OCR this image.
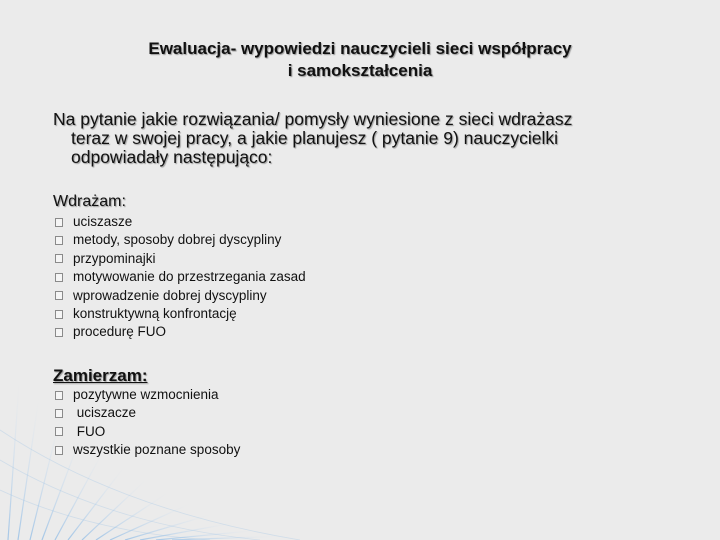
Ewaluacja- wypowiedzi nauczycieli sieci współpracy
i samokształcenia
Na pytanie jakie rozwiązania/ pomysły wyniesione z sieci wdrażasz
teraz w swojej pracy, a jakie planujesz ( pytanie 9) nauczycielki
odpowiadały następująco:
Wdrażam:
uciszasze
metody, sposoby dobrej dyscypliny
przypominajki
motywowanie do przestrzegania zasad
wprowadzenie dobrej dyscypliny
konstruktywną konfrontację
procedurę FUO
Zamierzam:
pozytywne wzmocnienia
uciszacze
FUO
wszystkie poznane sposoby
